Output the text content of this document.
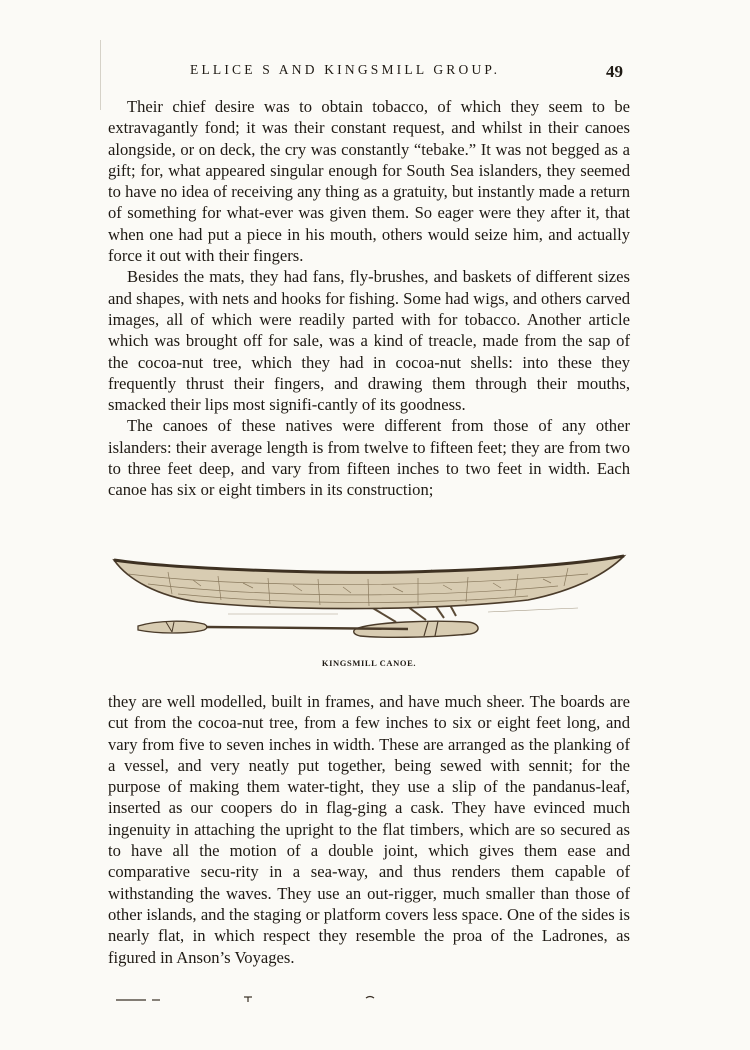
ELLICE S AND KINGSMILL GROUP.	49

Their chief desire was to obtain tobacco, of which they seem to be extravagantly fond; it was their constant request, and whilst in their canoes alongside, or on deck, the cry was constantly “tebake.” It was not begged as a gift; for, what appeared singular enough for South Sea islanders, they seemed to have no idea of receiving any thing as a gratuity, but instantly made a return of something for what-ever was given them. So eager were they after it, that when one had put a piece in his mouth, others would seize him, and actually force it out with their fingers.

Besides the mats, they had fans, fly-brushes, and baskets of different sizes and shapes, with nets and hooks for fishing. Some had wigs, and others carved images, all of which were readily parted with for tobacco. Another article which was brought off for sale, was a kind of treacle, made from the sap of the cocoa-nut tree, which they had in cocoa-nut shells: into these they frequently thrust their fingers, and drawing them through their mouths, smacked their lips most signifi-cantly of its goodness.

The canoes of these natives were different from those of any other islanders: their average length is from twelve to fifteen feet; they are from two to three feet deep, and vary from fifteen inches to two feet in width. Each canoe has six or eight timbers in its construction;

KINGSMILL CANOE.

they are well modelled, built in frames, and have much sheer. The boards are cut from the cocoa-nut tree, from a few inches to six or eight feet long, and vary from five to seven inches in width. These are arranged as the planking of a vessel, and very neatly put together, being sewed with sennit; for the purpose of making them water-tight, they use a slip of the pandanus-leaf, inserted as our coopers do in flag-ging a cask. They have evinced much ingenuity in attaching the upright to the flat timbers, which are so secured as to have all the motion of a double joint, which gives them ease and comparative secu-rity in a sea-way, and thus renders them capable of withstanding the waves. They use an out-rigger, much smaller than those of other islands, and the staging or platform covers less space. One of the sides is nearly flat, in which respect they resemble the proa of the Ladrones, as figured in Anson’s Voyages.
